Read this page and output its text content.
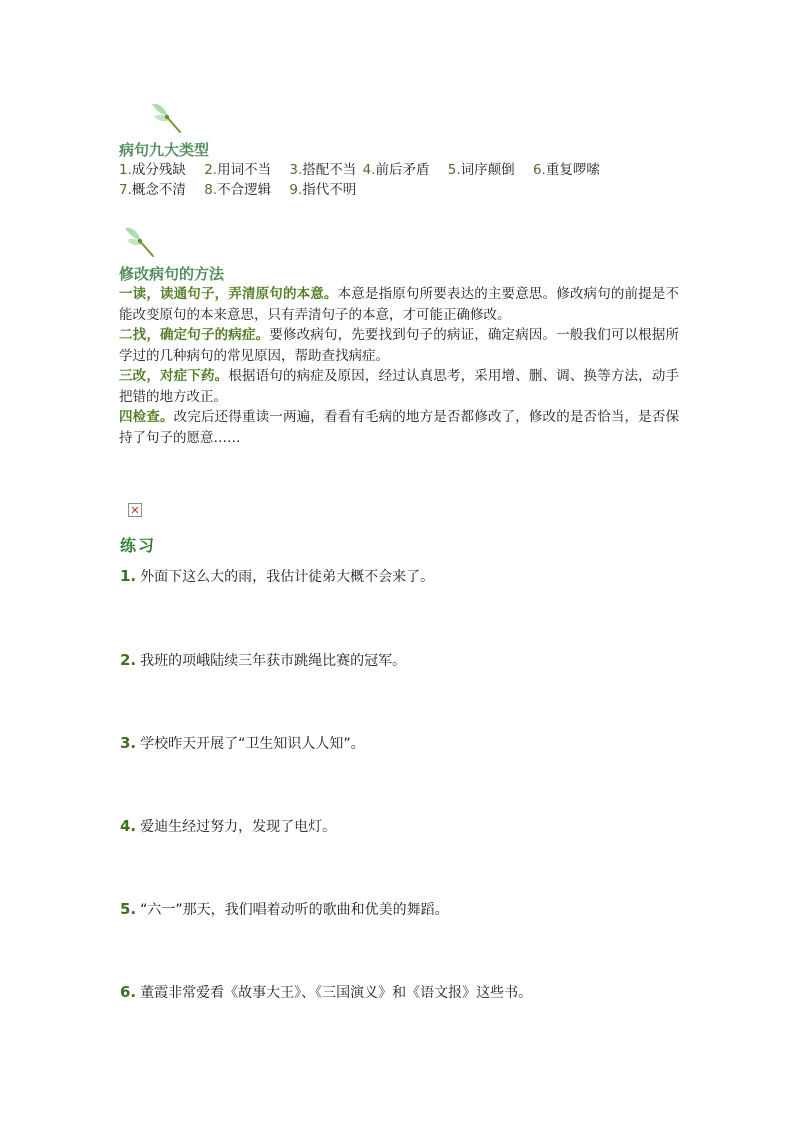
病句九大类型
1.成分残缺 2.用词不当 3.搭配不当 4.前后矛盾 5.词序颠倒 6.重复啰嗦
7.概念不清 8.不合逻辑 9.指代不明
修改病句的方法
一读，读通句子，弄清原句的本意。本意是指原句所要表达的主要意思。修改病句的前提是不能改变原句的本来意思，只有弄清句子的本意，才可能正确修改。
二找，确定句子的病症。要修改病句，先要找到句子的病证，确定病因。一般我们可以根据所学过的几种病句的常见原因，帮助查找病症。
三改，对症下药。根据语句的病症及原因，经过认真思考，采用增、删、调、换等方法，动手把错的地方改正。
四检查。改完后还得重读一两遍，看看有毛病的地方是否都修改了，修改的是否恰当，是否保持了句子的愿意……
练习
1. 外面下这么大的雨，我估计徒弟大概不会来了。
2. 我班的项峨陆续三年获市跳绳比赛的冠军。
3. 学校昨天开展了“卫生知识人人知”。
4. 爱迪生经过努力，发现了电灯。
5. “六一”那天，我们唱着动听的歌曲和优美的舞蹈。
6. 董霞非常爱看《故事大王》、《三国演义》和《语文报》这些书。
